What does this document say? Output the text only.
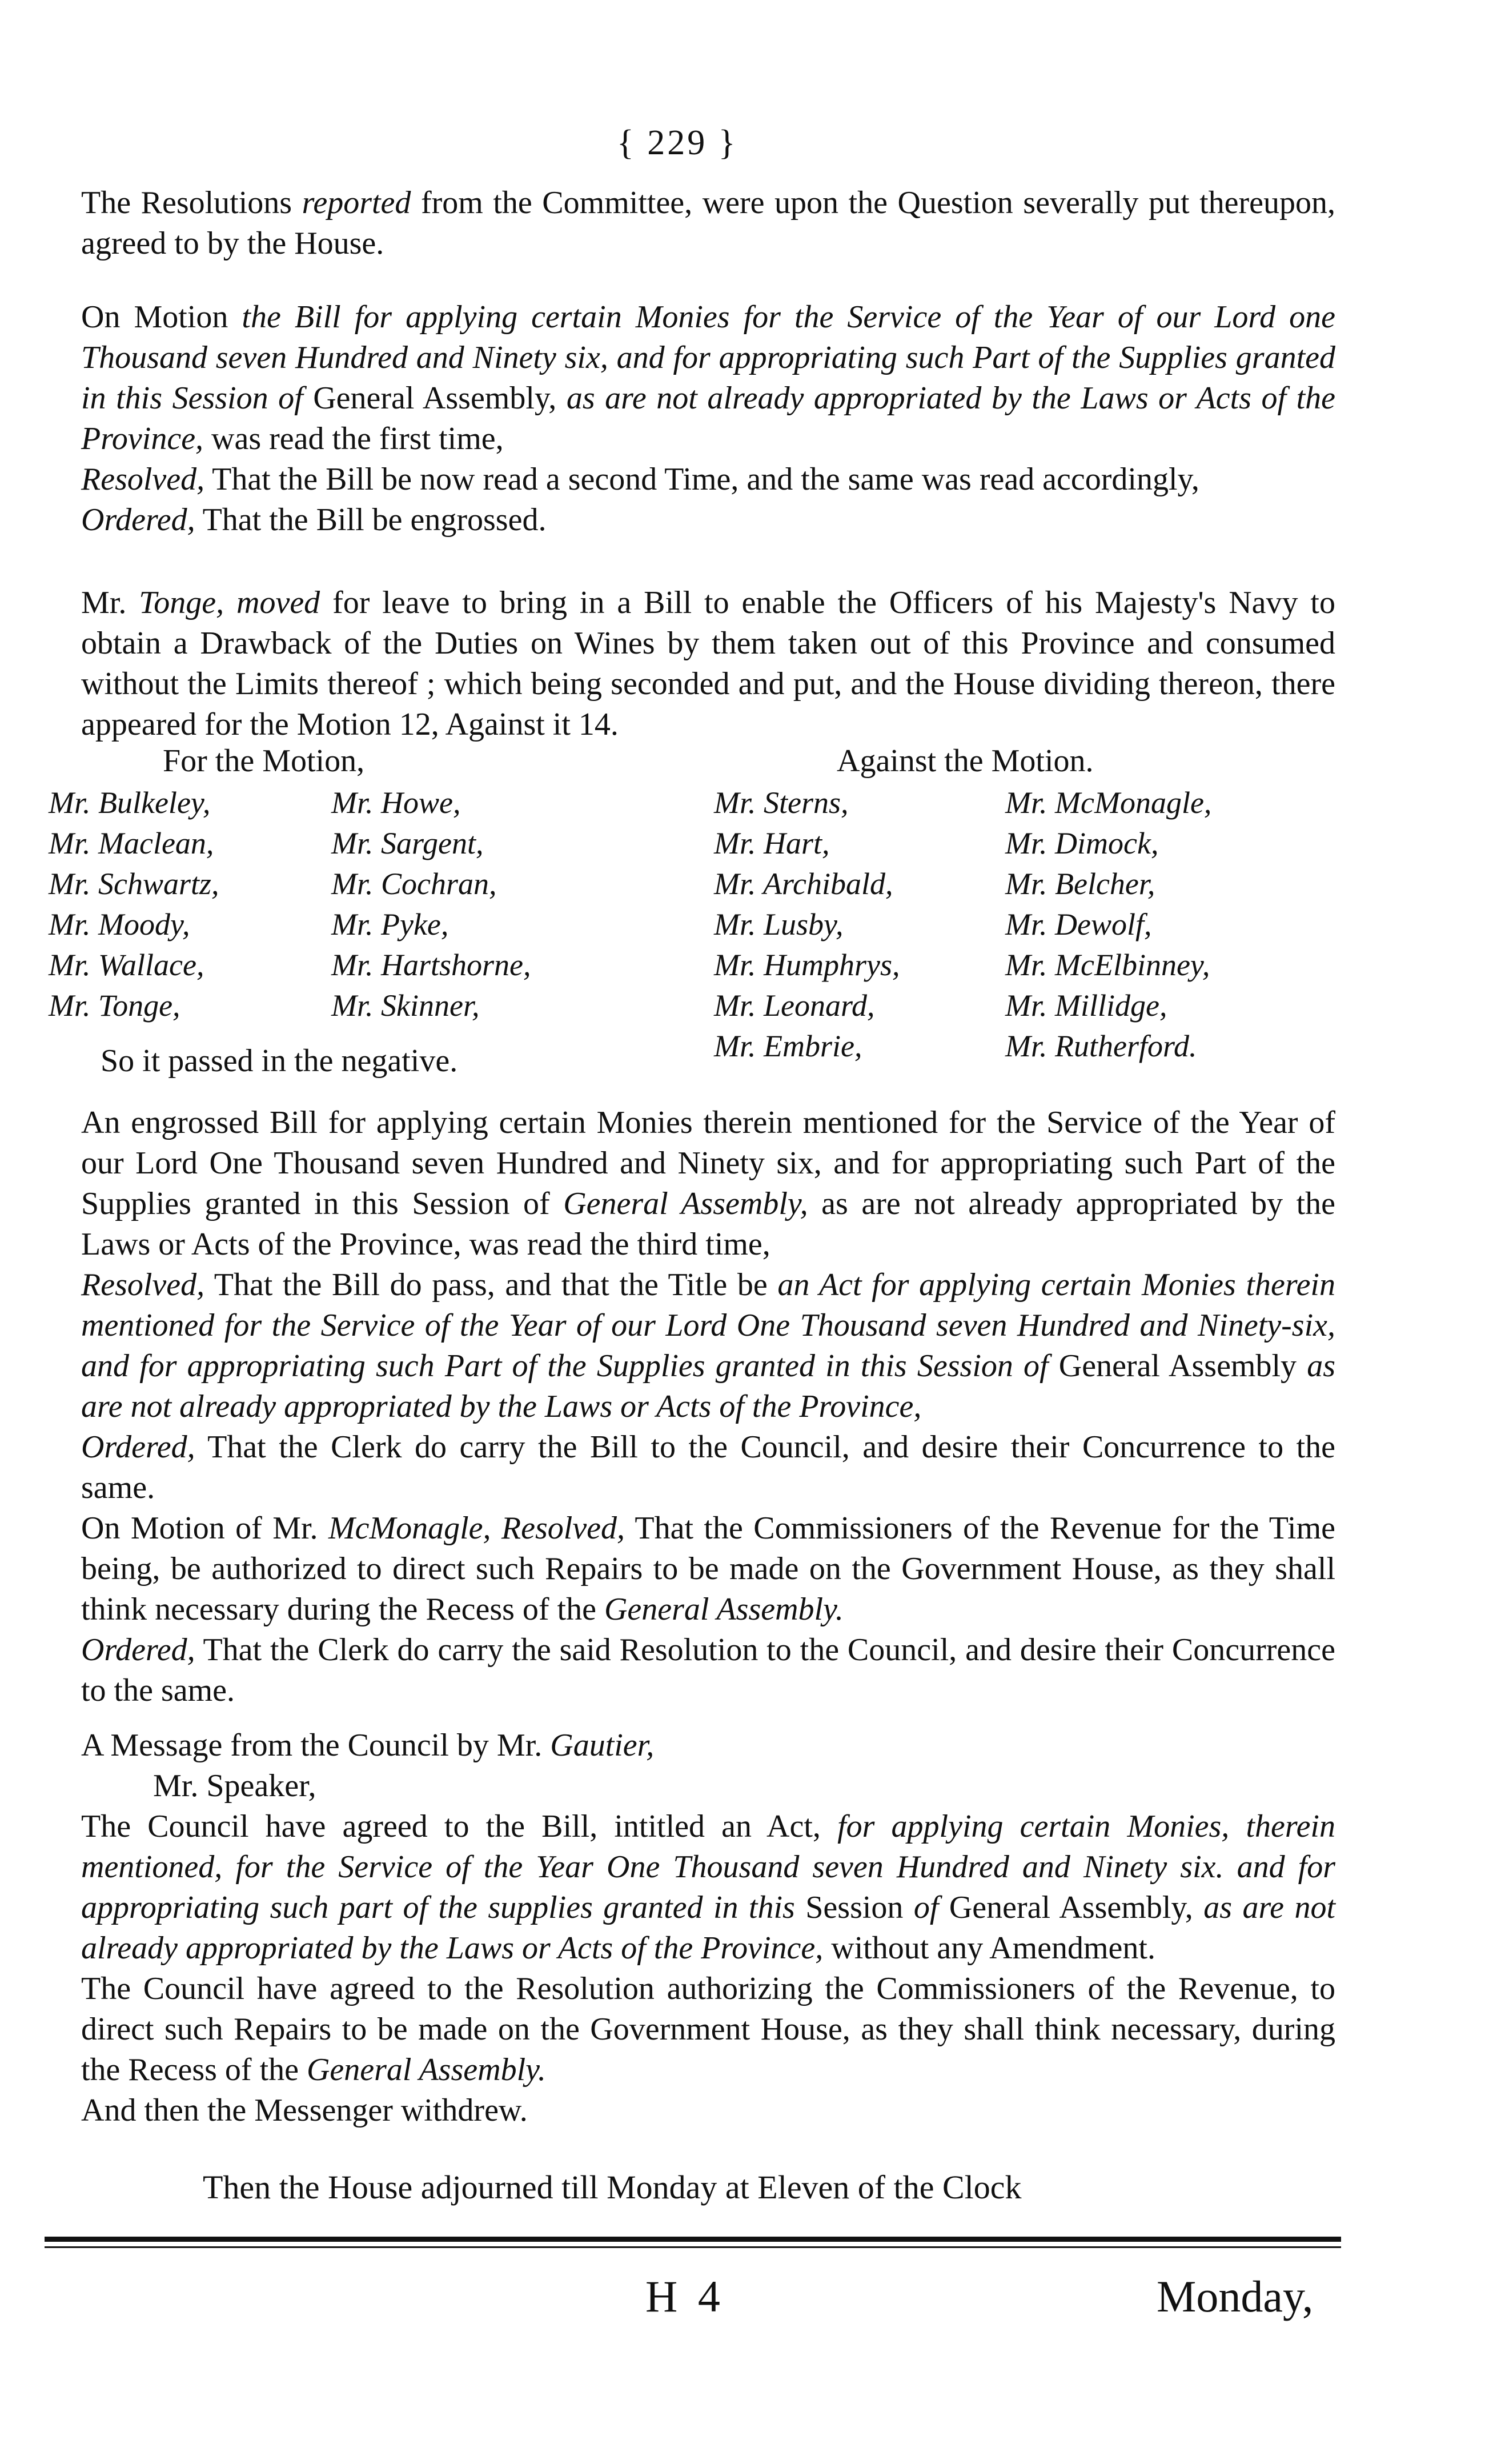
{ 229 }

The Resolutions reported from the Committee, were upon the Question severally put thereupon, agreed to by the House.

On Motion the Bill for applying certain Monies for the Service of the Year of our Lord one Thousand seven Hundred and Ninety six, and for appropriating such Part of the Supplies granted in this Session of General Assembly, as are not already appropriated by the Laws or Acts of the Province, was read the first time,

Resolved, That the Bill be now read a second Time, and the same was read accordingly,

Ordered, That the Bill be engrossed.

Mr. Tonge, moved for leave to bring in a Bill to enable the Officers of his Majesty's Navy to obtain a Drawback of the Duties on Wines by them taken out of this Province and consumed without the Limits thereof ; which being seconded and put, and the House dividing thereon, there appeared for the Motion 12, Against it 14.

For the Motion,	Against the Motion.
Mr. Bulkeley,
Mr. Maclean,
Mr. Schwartz,
Mr. Moody,
Mr. Wallace,
Mr. Tonge,
Mr. Howe,
Mr. Sargent,
Mr. Cochran,
Mr. Pyke,
Mr. Hartshorne,
Mr. Skinner,
Mr. Sterns,
Mr. Hart,
Mr. Archibald,
Mr. Lusby,
Mr. Humphrys,
Mr. Leonard,
Mr. Embrie,
Mr. McMonagle,
Mr. Dimock,
Mr. Belcher,
Mr. Dewolf,
Mr. McElbinney,
Mr. Millidge,
Mr. Rutherford.
So it passed in the negative.

An engrossed Bill for applying certain Monies therein mentioned for the Service of the Year of our Lord One Thousand seven Hundred and Ninety six, and for appropriating such Part of the Supplies granted in this Session of General Assembly, as are not already appropriated by the Laws or Acts of the Province, was read the third time,

Resolved, That the Bill do pass, and that the Title be an Act for applying certain Monies therein mentioned for the Service of the Year of our Lord One Thousand seven Hundred and Ninety-six, and for appropriating such Part of the Supplies granted in this Session of General Assembly as are not already appropriated by the Laws or Acts of the Province,

Ordered, That the Clerk do carry the Bill to the Council, and desire their Concurrence to the same.

On Motion of Mr. McMonagle, Resolved, That the Commissioners of the Revenue for the Time being, be authorized to direct such Repairs to be made on the Government House, as they shall think necessary during the Recess of the General Assembly.

Ordered, That the Clerk do carry the said Resolution to the Council, and desire their Concurrence to the same.

A Message from the Council by Mr. Gautier,

Mr. Speaker,

The Council have agreed to the Bill, intitled an Act, for applying certain Monies, therein mentioned, for the Service of the Year One Thousand seven Hundred and Ninety six. and for appropriating such part of the supplies granted in this Session of General Assembly, as are not already appropriated by the Laws or Acts of the Province, without any Amendment.

The Council have agreed to the Resolution authorizing the Commissioners of the Revenue, to direct such Repairs to be made on the Government House, as they shall think necessary, during the Recess of the General Assembly.

And then the Messenger withdrew.

Then the House adjourned till Monday at Eleven of the Clock
H 4	Monday,
